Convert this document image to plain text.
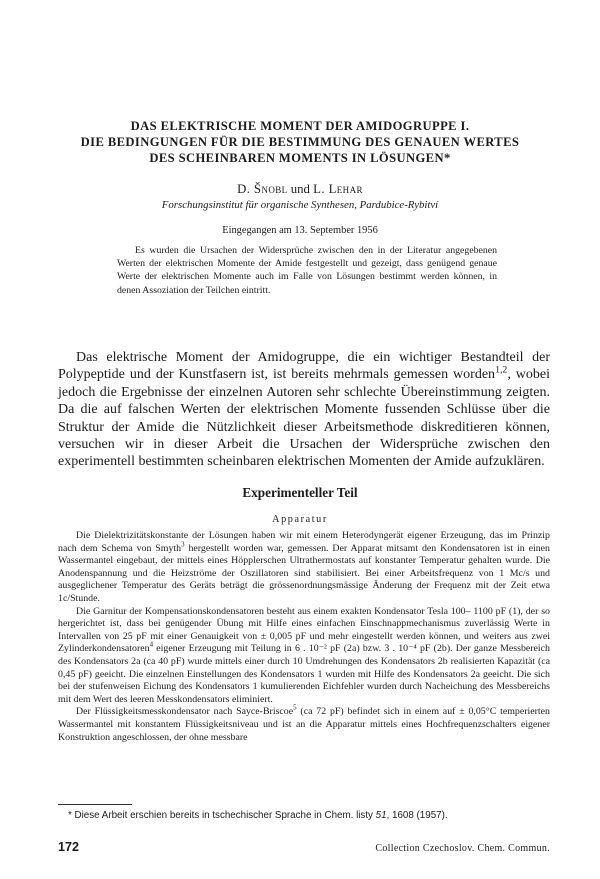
DAS ELEKTRISCHE MOMENT DER AMIDOGRUPPE I.
DIE BEDINGUNGEN FÜR DIE BESTIMMUNG DES GENAUEN WERTES
DES SCHEINBAREN MOMENTS IN LÖSUNGEN*
D. Šnobl und L. Lehar
Forschungsinstitut für organische Synthesen, Pardubice-Rybitví
Eingegangen am 13. September 1956

Es wurden die Ursachen der Widersprüche zwischen den in der Literatur angegebenen Werten der elektrischen Momente der Amide festgestellt und gezeigt, dass genügend genaue Werte der elektrischen Momente auch im Falle von Lösungen bestimmt werden können, in denen Assoziation der Teilchen eintritt.

Das elektrische Moment der Amidogruppe, die ein wichtiger Bestandteil der Polypeptide und der Kunstfasern ist, ist bereits mehrmals gemessen worden$^{1,2}$, wobei jedoch die Ergebnisse der einzelnen Autoren sehr schlechte Übereinstimmung zeigten. Da die auf falschen Werten der elektrischen Momente fussenden Schlüsse über die Struktur der Amide die Nützlichkeit dieser Arbeitsmethode diskreditieren können, versuchen wir in dieser Arbeit die Ursachen der Widersprüche zwischen den experimentell bestimmten scheinbaren elektrischen Momenten der Amide aufzuklären.

Experimenteller Teil
Apparatur

Die Dielektrizitätskonstante der Lösungen haben wir mit einem Heterodyngerät eigener Erzeugung, das im Prinzip nach dem Schema von Smyth$^3$ hergestellt worden war, gemessen. Der Apparat mitsamt den Kondensatoren ist in einen Wassermantel eingebaut, der mittels eines Höpplerschen Ultrathermostats auf konstanter Temperatur gehalten wurde. Die Anodenspannung und die Heizströme der Oszillatoren sind stabilisiert. Bei einer Arbeitsfrequenz von 1 Mc/s und ausgeglichener Temperatur des Geräts beträgt die grössenordnungsmässige Änderung der Frequenz mit der Zeit etwa 1c/Stunde.

Die Garnitur der Kompensationskondensatoren besteht aus einem exakten Kondensator Tesla 100– 1100 pF (1), der so hergerichtet ist, dass bei genügender Übung mit Hilfe eines einfachen Einschnappmechanismus zuverlässig Werte in Intervallen von 25 pF mit einer Genauigkeit von ± 0,005 pF und mehr eingestellt werden können, und weiters aus zwei Zylinderkondensatoren$^4$ eigener Erzeugung mit Teilung in 6 . 10⁻² pF (2a) bzw. 3 . 10⁻⁴ pF (2b). Der ganze Messbereich des Kondensators 2a (ca 40 pF) wurde mittels einer durch 10 Umdrehungen des Kondensators 2b realisierten Kapazität (ca 0,45 pF) geeicht. Die einzelnen Einstellungen des Kondensators 1 wurden mit Hilfe des Kondensators 2a geeicht. Die sich bei der stufenweisen Eichung des Kondensators 1 kumulierenden Eichfehler wurden durch Nacheichung des Messbereichs mit dem Wert des leeren Messkondensators eliminiert.

Der Flüssigkeitsmesskondensator nach Sayce-Briscoe$^5$ (ca 72 pF) befindet sich in einem auf ± 0,05°C temperierten Wassermantel mit konstantem Flüssigkeitsniveau und ist an die Apparatur mittels eines Hochfrequenzschalters eigener Konstruktion angeschlossen, der ohne messbare

* Diese Arbeit erschien bereits in tschechischer Sprache in Chem. listy 51, 1608 (1957).

172	Collection Czechoslov. Chem. Commun.
